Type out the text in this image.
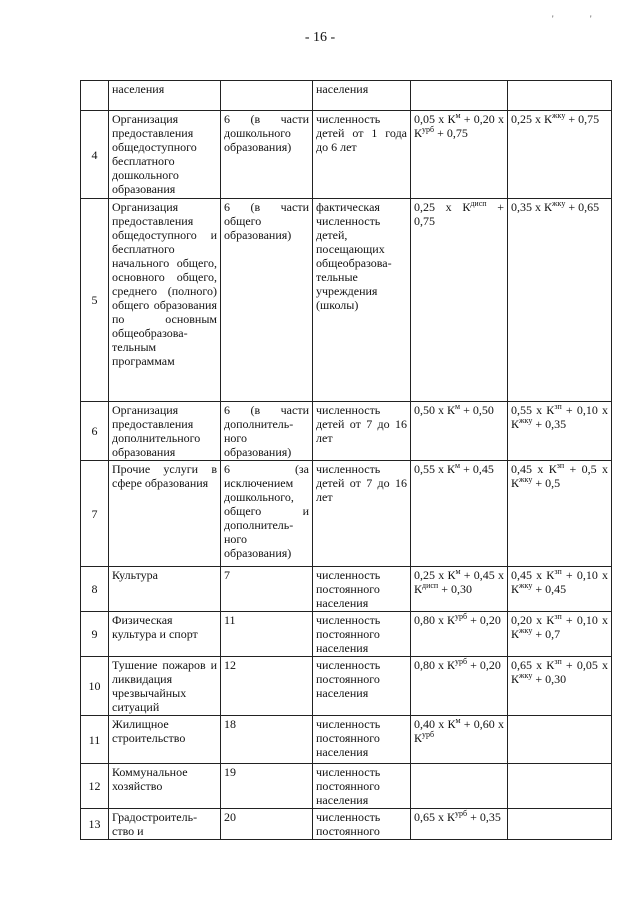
'	'
- 16 -
	населения		населения		
4	Организация предоставления общедоступного бесплатного дошкольного образования	6 (в части дошкольного образования)	численность детей от 1 года до 6 лет	0,05 x $К^м + 0,20$ x $К^{урб} + 0,75$	0,25 x $К^{жку} + 0,75$
5	Организация предоставления общедоступного и бесплатного начального общего, основного общего, среднего (полного) общего образования по основным общеобразова-тельным программам	6 (в части общего образования)	фактическая численность детей, посещающих общеобразова-тельные учреждения (школы)	0,25 x $К^{дисп} + 0,75$	0,35 x $К^{жку} + 0,65$
6	Организация предоставления дополнительного образования	6 (в части дополнитель-ного образования)	численность детей от 7 до 16 лет	0,50 x $К^м + 0,50$	0,55 x $К^{зп} + 0,10$ x $К^{жку} + 0,35$
7	Прочие услуги в сфере образования	6 (за исключением дошкольного, общего и дополнитель-ного образования)	численность детей от 7 до 16 лет	0,55 x $К^м + 0,45$	0,45 x $К^{зп} + 0,5$ x $К^{жку} + 0,5$
8	Культура	7	численность постоянного населения	0,25 x $К^м + 0,45$ x $К^{дисп} + 0,30$	0,45 x $К^{зп} + 0,10$ x $К^{жку} + 0,45$
9	Физическая культура и спорт	11	численность постоянного населения	0,80 x $К^{урб} + 0,20$	0,20 x $К^{зп} + 0,10$ x $К^{жку} + 0,7$
10	Тушение пожаров и ликвидация чрезвычайных ситуаций	12	численность постоянного населения	0,80 x $К^{урб} + 0,20$	0,65 x $К^{зп} + 0,05$ x $К^{жку} + 0,30$
11	Жилищное строительство	18	численность постоянного населения	0,40 x $К^м + 0,60$ x $К^{урб}$	
12	Коммунальное хозяйство	19	численность постоянного населения		
13	Градостроитель-ство и	20	численность постоянного	0,65 x $К^{урб} + 0,35$	
